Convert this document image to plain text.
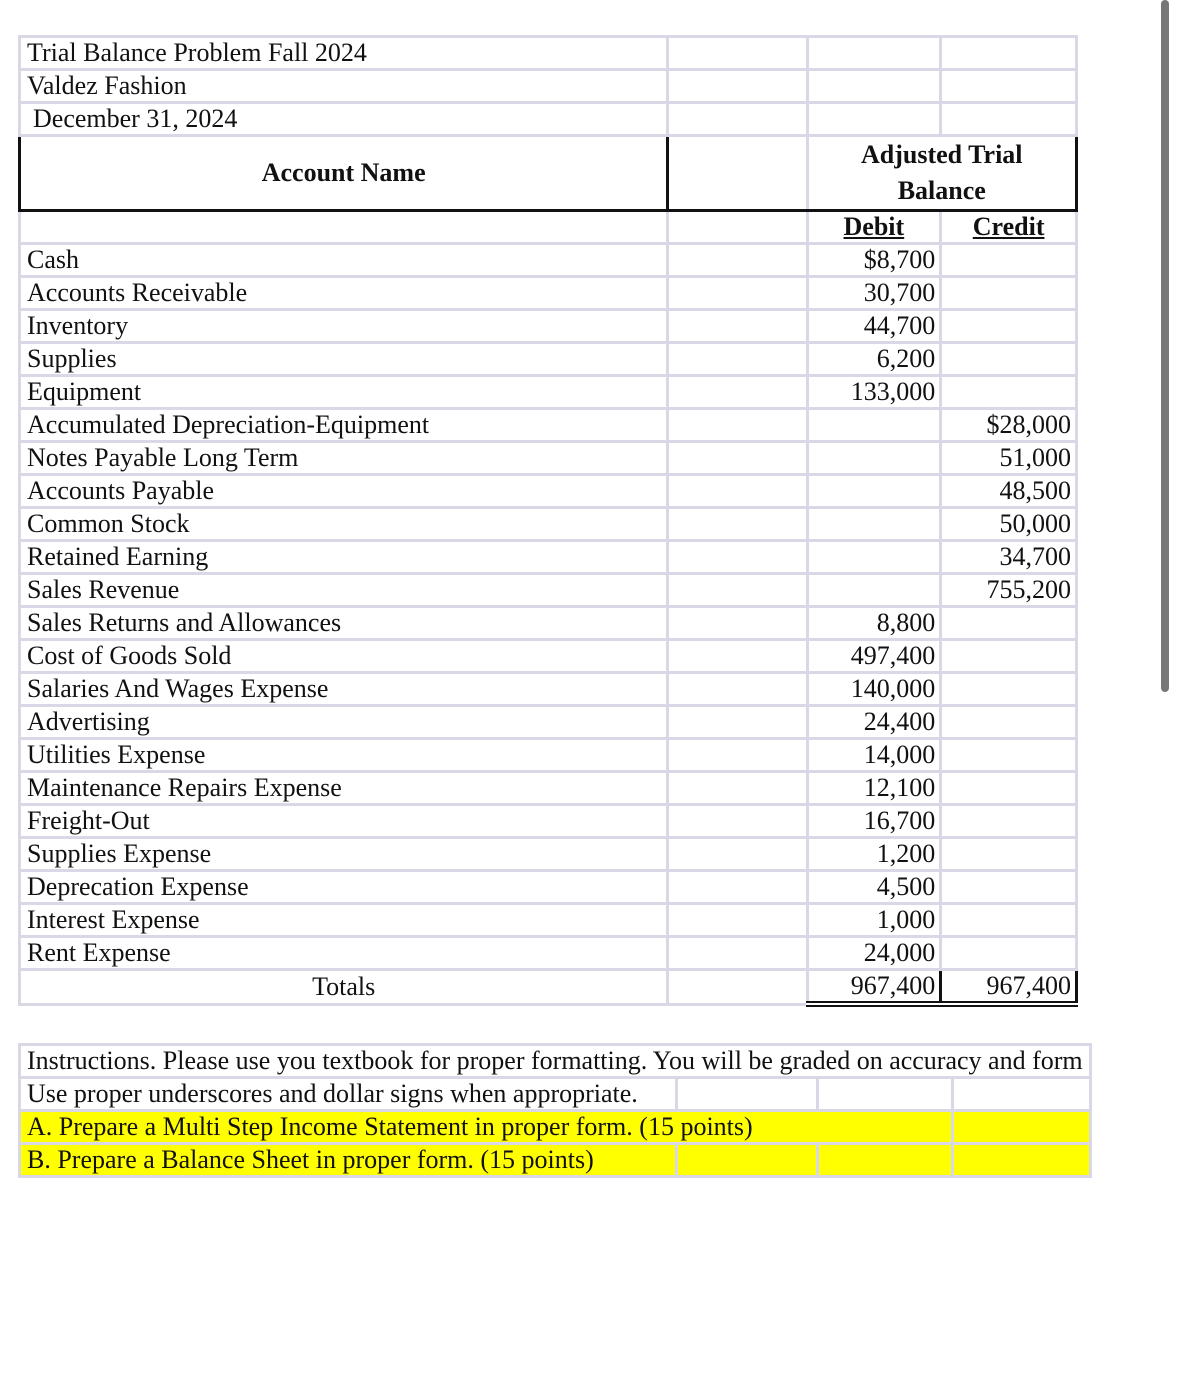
Trial Balance Problem Fall 2024			
Valdez Fashion			
December 31, 2024			
Account Name		Adjusted Trial
Balance	

		Debit	Credit
Cash		$8,700	
Accounts Receivable		30,700	
Inventory		44,700	
Supplies		6,200	
Equipment		133,000	
Accumulated Depreciation-Equipment			$28,000
Notes Payable Long Term			51,000
Accounts Payable			48,500
Common Stock			50,000
Retained Earning			34,700
Sales Revenue			755,200
Sales Returns and Allowances		8,800	
Cost of Goods Sold		497,400	
Salaries And Wages Expense		140,000	
Advertising		24,400	
Utilities Expense		14,000	
Maintenance Repairs Expense		12,100	
Freight-Out		16,700	
Supplies Expense		1,200	
Deprecation Expense		4,500	
Interest Expense		1,000	
Rent Expense		24,000	
Totals		967,400	967,400
Instructions. Please use you textbook for proper formatting. You will be graded on accuracy and form			
Use proper underscores and dollar signs when appropriate.			
A. Prepare a Multi Step Income Statement in proper form. (15 points)			
B. Prepare a Balance Sheet in proper form. (15 points)			
